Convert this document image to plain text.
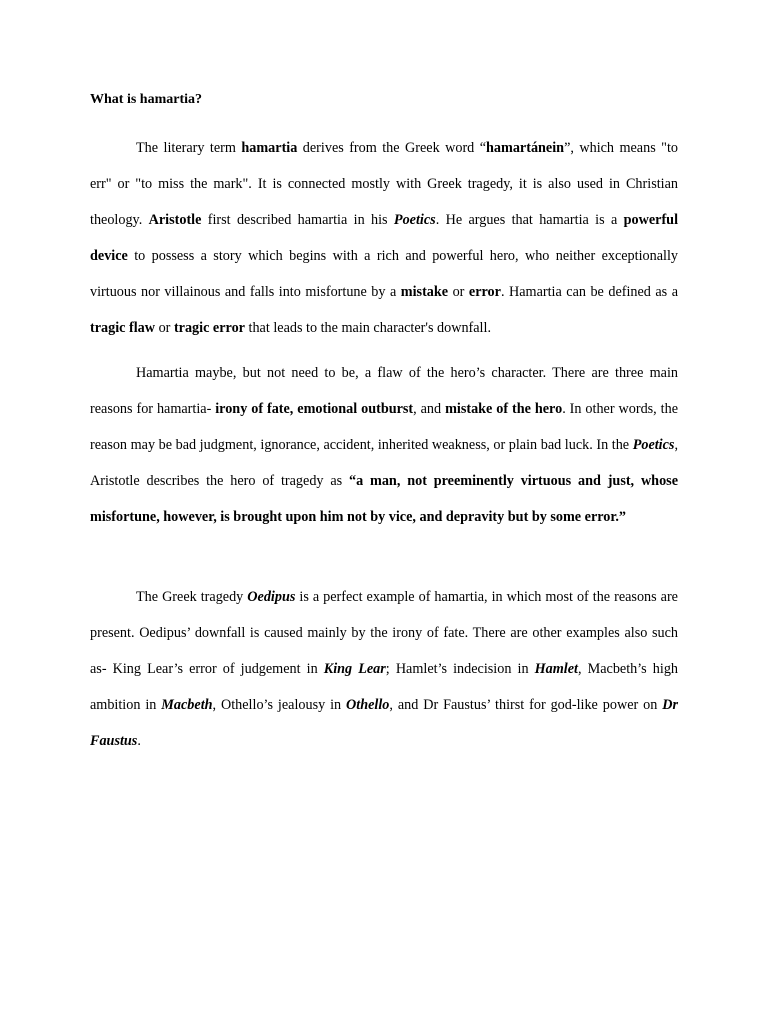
What is hamartia?

The literary term hamartia derives from the Greek word “hamartánein”, which means "to err" or "to miss the mark". It is connected mostly with Greek tragedy, it is also used in Christian theology. Aristotle first described hamartia in his Poetics. He argues that hamartia is a powerful device to possess a story which begins with a rich and powerful hero, who neither exceptionally virtuous nor villainous and falls into misfortune by a mistake or error. Hamartia can be defined as a tragic flaw or tragic error that leads to the main character's downfall.

Hamartia maybe, but not need to be, a flaw of the hero’s character. There are three main reasons for hamartia- irony of fate, emotional outburst, and mistake of the hero. In other words, the reason may be bad judgment, ignorance, accident, inherited weakness, or plain bad luck. In the Poetics, Aristotle describes the hero of tragedy as “a man, not preeminently virtuous and just, whose misfortune, however, is brought upon him not by vice, and depravity but by some error.”

The Greek tragedy Oedipus is a perfect example of hamartia, in which most of the reasons are present. Oedipus’ downfall is caused mainly by the irony of fate. There are other examples also such as- King Lear’s error of judgement in King Lear; Hamlet’s indecision in Hamlet, Macbeth’s high ambition in Macbeth, Othello’s jealousy in Othello, and Dr Faustus’ thirst for god-like power on Dr Faustus.
